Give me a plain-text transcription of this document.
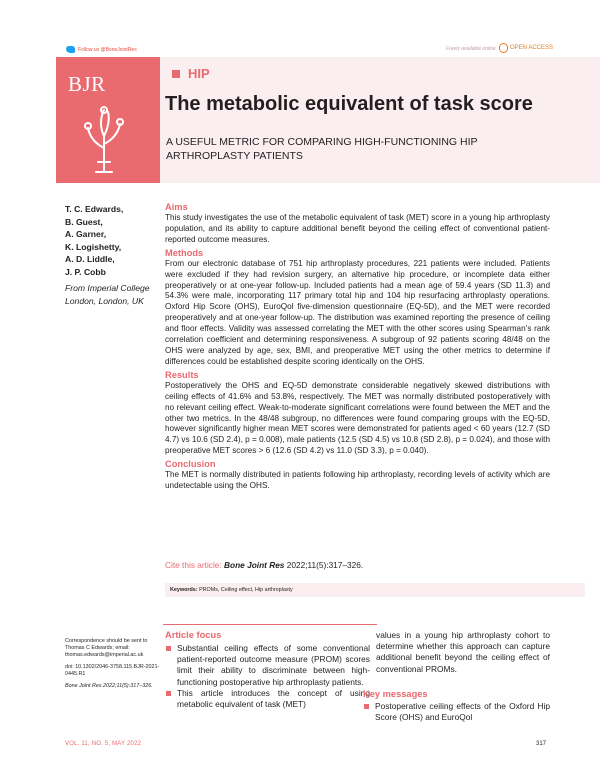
Follow us @BoneJointRes	Freely available online OPEN ACCESS
BJR	HIP
The metabolic equivalent of task score
A USEFUL METRIC FOR COMPARING HIGH-FUNCTIONING HIP ARTHROPLASTY PATIENTS
T. C. Edwards,
B. Guest,
A. Garner,
K. Logishetty,
A. D. Liddle,
J. P. Cobb
From Imperial College London, London, UK
Aims

This study investigates the use of the metabolic equivalent of task (MET) score in a young hip arthroplasty population, and its ability to capture additional benefit beyond the ceiling effect of conventional patient-reported outcome measures.

Methods

From our electronic database of 751 hip arthroplasty procedures, 221 patients were included. Patients were excluded if they had revision surgery, an alternative hip procedure, or incomplete data either preoperatively or at one-year follow-up. Included patients had a mean age of 59.4 years (SD 11.3) and 54.3% were male, incorporating 117 primary total hip and 104 hip resurfacing arthroplasty operations. Oxford Hip Score (OHS), EuroQol five-dimension questionnaire (EQ-5D), and the MET were recorded preoperatively and at one-year follow-up. The distribution was examined reporting the presence of ceiling and floor effects. Validity was assessed correlating the MET with the other scores using Spearman’s rank correlation coefficient and determining responsiveness. A subgroup of 92 patients scoring 48/48 on the OHS were analyzed by age, sex, BMI, and preoperative MET using the other metrics to determine if differences could be established despite scoring identically on the OHS.

Results

Postoperatively the OHS and EQ-5D demonstrate considerable negatively skewed distributions with ceiling effects of 41.6% and 53.8%, respectively. The MET was normally distributed postoperatively with no relevant ceiling effect. Weak-to-moderate significant correlations were found between the MET and the other two metrics. In the 48/48 subgroup, no differences were found comparing groups with the EQ-5D, however significantly higher mean MET scores were demonstrated for patients aged < 60 years (12.7 (SD 4.7) vs 10.6 (SD 2.4), p = 0.008), male patients (12.5 (SD 4.5) vs 10.8 (SD 2.8), p = 0.024), and those with preoperative MET scores > 6 (12.6 (SD 4.2) vs 11.0 (SD 3.3), p = 0.040).

Conclusion

The MET is normally distributed in patients following hip arthroplasty, recording levels of activity which are undetectable using the OHS.

Cite this article: Bone Joint Res 2022;11(5):317–326.
Keywords: PROMs, Ceiling effect, Hip arthroplasty

Correspondence should be sent to Thomas C Edwards; email: thomas.edwards@imperial.ac.uk

doi: 10.1302/2046-3758.115.BJR-2021-0445.R1

Bone Joint Res 2022;11(5):317–326.

Article focus
Substantial ceiling effects of some conventional patient-reported outcome measure (PROM) scores limit their ability to discriminate between high-functioning postoperative hip arthroplasty patients.
This article introduces the concept of using metabolic equivalent of task (MET)
values in a young hip arthroplasty cohort to determine whether this approach can capture additional benefit beyond the ceiling effect of conventional PROMs.
Key messages
Postoperative ceiling effects of the Oxford Hip Score (OHS) and EuroQol
VOL. 11, NO. 5, MAY 2022	317
